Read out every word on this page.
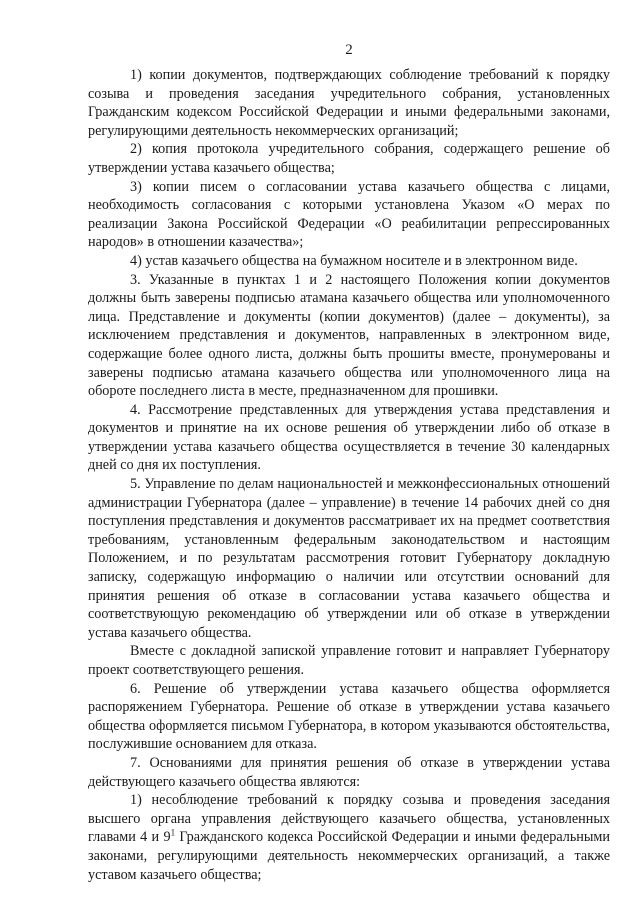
2

1) копии документов, подтверждающих соблюдение требований к порядку созыва и проведения заседания учредительного собрания, установленных Гражданским кодексом Российской Федерации и иными федеральными законами, регулирующими деятельность некоммерческих организаций;

2) копия протокола учредительного собрания, содержащего решение об утверждении устава казачьего общества;

3) копии писем о согласовании устава казачьего общества с лицами, необходимость согласования с которыми установлена Указом «О мерах по реализации Закона Российской Федерации «О реабилитации репрессированных народов» в отношении казачества»;

4) устав казачьего общества на бумажном носителе и в электронном виде.

3. Указанные в пунктах 1 и 2 настоящего Положения копии документов должны быть заверены подписью атамана казачьего общества или уполномоченного лица. Представление и документы (копии документов) (далее – документы), за исключением представления и документов, направленных в электронном виде, содержащие более одного листа, должны быть прошиты вместе, пронумерованы и заверены подписью атамана казачьего общества или уполномоченного лица на обороте последнего листа в месте, предназначенном для прошивки.

4. Рассмотрение представленных для утверждения устава представления и документов и принятие на их основе решения об утверждении либо об отказе в утверждении устава казачьего общества осуществляется в течение 30 календарных дней со дня их поступления.

5. Управление по делам национальностей и межконфессиональных отношений администрации Губернатора (далее – управление) в течение 14 рабочих дней со дня поступления представления и документов рассматривает их на предмет соответствия требованиям, установленным федеральным законодательством и настоящим Положением, и по результатам рассмотрения готовит Губернатору докладную записку, содержащую информацию о наличии или отсутствии оснований для принятия решения об отказе в согласовании устава казачьего общества и соответствующую рекомендацию об утверждении или об отказе в утверждении устава казачьего общества.

Вместе с докладной запиской управление готовит и направляет Губернатору проект соответствующего решения.

6. Решение об утверждении устава казачьего общества оформляется распоряжением Губернатора. Решение об отказе в утверждении устава казачьего общества оформляется письмом Губернатора, в котором указываются обстоятельства, послужившие основанием для отказа.

7. Основаниями для принятия решения об отказе в утверждении устава действующего казачьего общества являются:

1) несоблюдение требований к порядку созыва и проведения заседания высшего органа управления действующего казачьего общества, установленных главами 4 и $9^1$ Гражданского кодекса Российской Федерации и иными федеральными законами, регулирующими деятельность некоммерческих организаций, а также уставом казачьего общества;
